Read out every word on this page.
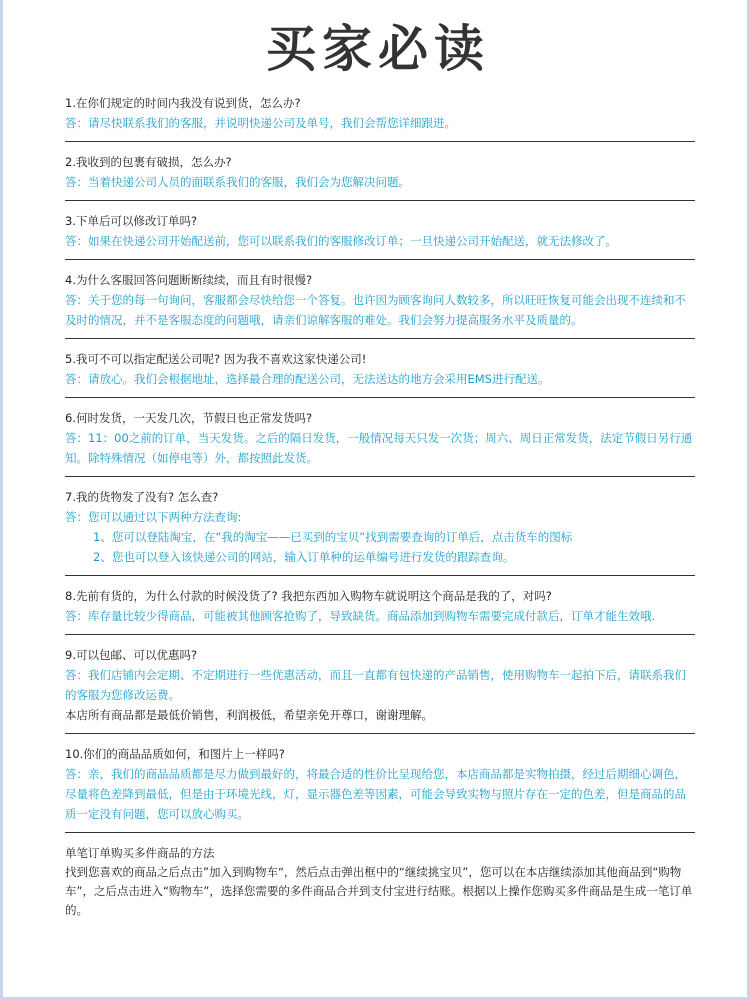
买家必读
1.在你们规定的时间内我没有说到货，怎么办?
答：请尽快联系我们的客服，并说明快递公司及单号，我们会帮您详细跟进。
2.我收到的包裹有破损，怎么办?
答：当着快递公司人员的面联系我们的客服，我们会为您解决问题。
3.下单后可以修改订单吗?
答：如果在快递公司开始配送前，您可以联系我们的客服修改订单；一旦快递公司开始配送，就无法修改了。
4.为什么客服回答问题断断续续，而且有时很慢?
答：关于您的每一句询问，客服都会尽快给您一个答复。也许因为顾客询问人数较多，所以旺旺恢复可能会出现不连续和不及时的情况，并不是客服态度的问题哦，请亲们谅解客服的难处。我们会努力提高服务水平及质量的。
5.我可不可以指定配送公司呢? 因为我不喜欢这家快递公司!
答：请放心。我们会根据地址，选择最合理的配送公司，无法送达的地方会采用EMS进行配送。
6.何时发货，一天发几次，节假日也正常发货吗?
答：11：00之前的订单，当天发货。之后的隔日发货，一般情况每天只发一次货；周六、周日正常发货，法定节假日另行通知。除特殊情况（如停电等）外，都按照此发货。
7.我的货物发了没有? 怎么查?
答：您可以通过以下两种方法查询:
1、您可以登陆淘宝，在“我的淘宝——已买到的宝贝”找到需要查询的订单后，点击货车的图标
2、您也可以登入该快递公司的网站，输入订单种的运单编号进行发货的跟踪查询。
8.先前有货的，为什么付款的时候没货了? 我把东西加入购物车就说明这个商品是我的了，对吗?
答：库存量比较少得商品，可能被其他顾客抢购了，导致缺货。商品添加到购物车需要完成付款后，订单才能生效哦.
9.可以包邮、可以优惠吗?
答：我们店铺内会定期、不定期进行一些优惠活动，而且一直都有包快递的产品销售，使用购物车一起拍下后，请联系我们的客服为您修改运费。
本店所有商品都是最低价销售，利润极低，希望亲免开尊口，谢谢理解。
10.你们的商品品质如何，和图片上一样吗?
答：亲，我们的商品品质都是尽力做到最好的，将最合适的性价比呈现给您，本店商品都是实物拍摄，经过后期细心调色，尽量将色差降到最低，但是由于环境光线，灯，显示器色差等因素，可能会导致实物与照片存在一定的色差，但是商品的品质一定没有问题，您可以放心购买。
单笔订单购买多件商品的方法
找到您喜欢的商品之后点击”加入到购物车“，然后点击弹出框中的“继续挑宝贝”，您可以在本店继续添加其他商品到“购物车”，之后点击进入“购物车”，选择您需要的多件商品合并到支付宝进行结账。根据以上操作您购买多件商品是生成一笔订单的。
